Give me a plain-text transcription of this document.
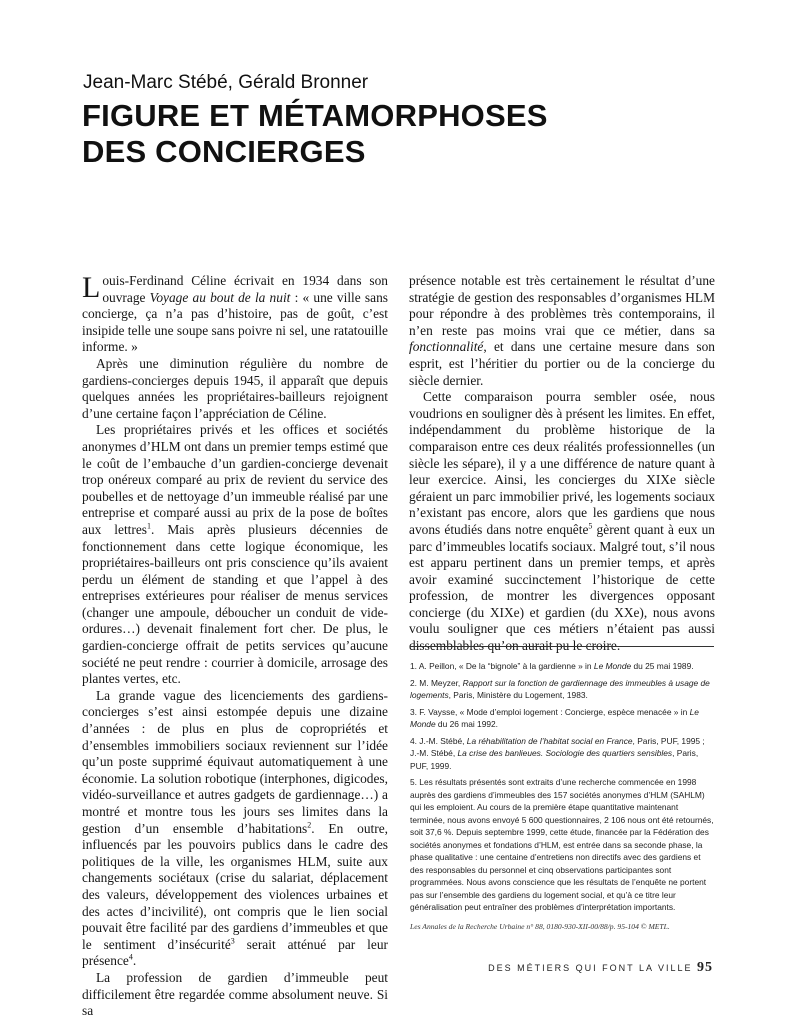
Jean-Marc Stébé, Gérald Bronner
FIGURE ET MÉTAMORPHOSES
DES CONCIERGES

Louis-Ferdinand Céline écrivait en 1934 dans son ouvrage Voyage au bout de la nuit : « une ville sans concierge, ça n’a pas d’histoire, pas de goût, c’est insipide telle une soupe sans poivre ni sel, une ratatouille informe. »

Après une diminution régulière du nombre de gardiens-concierges depuis 1945, il apparaît que depuis quelques années les propriétaires-bailleurs rejoignent d’une certaine façon l’appréciation de Céline.

Les propriétaires privés et les offices et sociétés anonymes d’HLM ont dans un premier temps estimé que le coût de l’embauche d’un gardien-concierge devenait trop onéreux comparé au prix de revient du service des poubelles et de nettoyage d’un immeuble réalisé par une entreprise et comparé aussi au prix de la pose de boîtes aux lettres$^1$. Mais après plusieurs décennies de fonctionnement dans cette logique économique, les propriétaires-bailleurs ont pris conscience qu’ils avaient perdu un élément de standing et que l’appel à des entreprises extérieures pour réaliser de menus services (changer une ampoule, déboucher un conduit de vide-ordures…) devenait finalement fort cher. De plus, le gardien-concierge offrait de petits services qu’aucune société ne peut rendre : courrier à domicile, arrosage des plantes vertes, etc.

La grande vague des licenciements des gardiens-concierges s’est ainsi estompée depuis une dizaine d’années : de plus en plus de copropriétés et d’ensembles immobiliers sociaux reviennent sur l’idée qu’un poste supprimé équivaut automatiquement à une économie. La solution robotique (interphones, digicodes, vidéo-surveillance et autres gadgets de gardiennage…) a montré et montre tous les jours ses limites dans la gestion d’un ensemble d’habitations$^2$. En outre, influencés par les pouvoirs publics dans le cadre des politiques de la ville, les organismes HLM, suite aux changements sociétaux (crise du salariat, déplacement des valeurs, développement des violences urbaines et des actes d’incivilité), ont compris que le lien social pouvait être facilité par des gardiens d’immeubles et que le sentiment d’insécurité$^3$ serait atténué par leur présence$^4$.

La profession de gardien d’immeuble peut difficilement être regardée comme absolument neuve. Si sa

présence notable est très certainement le résultat d’une stratégie de gestion des responsables d’organismes HLM pour répondre à des problèmes très contemporains, il n’en reste pas moins vrai que ce métier, dans sa fonctionnalité, et dans une certaine mesure dans son esprit, est l’héritier du portier ou de la concierge du siècle dernier.

Cette comparaison pourra sembler osée, nous voudrions en souligner dès à présent les limites. En effet, indépendamment du problème historique de la comparaison entre ces deux réalités professionnelles (un siècle les sépare), il y a une différence de nature quant à leur exercice. Ainsi, les concierges du XIXe siècle géraient un parc immobilier privé, les logements sociaux n’existant pas encore, alors que les gardiens que nous avons étudiés dans notre enquête$^5$ gèrent quant à eux un parc d’immeubles locatifs sociaux. Malgré tout, s’il nous est apparu pertinent dans un premier temps, et après avoir examiné succinctement l’historique de cette profession, de montrer les divergences opposant concierge (du XIXe) et gardien (du XXe), nous avons voulu souligner que ces métiers n’étaient pas aussi dissemblables qu’on aurait pu le croire.

1. A. Peillon, « De la “bignole” à la gardienne » in Le Monde du 25 mai 1989.

2. M. Meyzer, Rapport sur la fonction de gardiennage des immeubles à usage de logements, Paris, Ministère du Logement, 1983.

3. F. Vaysse, « Mode d’emploi logement : Concierge, espèce menacée » in Le Monde du 26 mai 1992.

4. J.-M. Stébé, La réhabilitation de l’habitat social en France, Paris, PUF, 1995 ; J.-M. Stébé, La crise des banlieues. Sociologie des quartiers sensibles, Paris, PUF, 1999.

5. Les résultats présentés sont extraits d’une recherche commencée en 1998 auprès des gardiens d’immeubles des 157 sociétés anonymes d’HLM (SAHLM) qui les emploient. Au cours de la première étape quantitative maintenant terminée, nous avons envoyé 5 600 questionnaires, 2 106 nous ont été retournés, soit 37,6 %. Depuis septembre 1999, cette étude, financée par la Fédération des sociétés anonymes et fondations d’HLM, est entrée dans sa seconde phase, la phase qualitative : une centaine d’entretiens non directifs avec des gardiens et des responsables du personnel et cinq observations participantes sont programmées. Nous avons conscience que les résultats de l’enquête ne portent pas sur l’ensemble des gardiens du logement social, et qu’à ce titre leur généralisation peut entraîner des problèmes d’interprétation importants.

Les Annales de la Recherche Urbaine n° 88, 0180-930-XII-00/88/p. 95-104 © METL.
DES MÉTIERS QUI FONT LA VILLE 95
